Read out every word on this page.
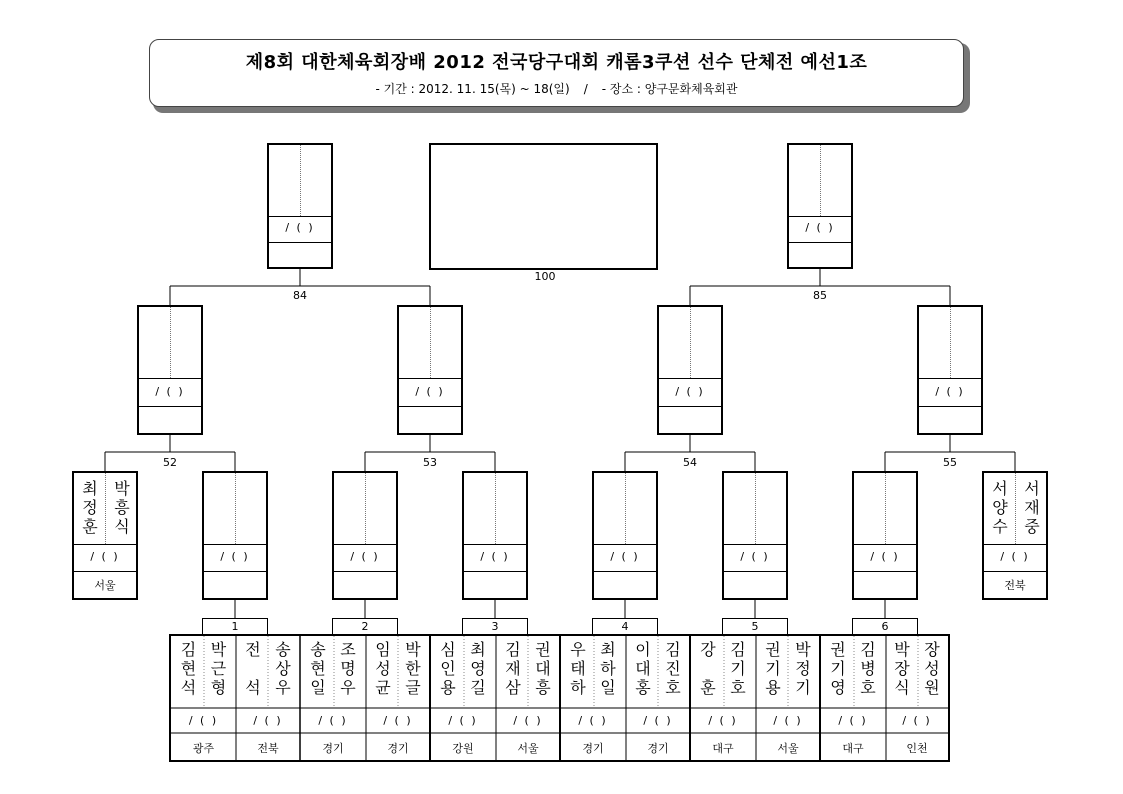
제8회 대한체육회장배 2012 전국당구대회 캐롬3쿠션 선수 단체전 예선1조
- 기간 : 2012. 11. 15(목) ~ 18(일) / - 장소 : 양구문화체육회관
100
/ ( )	/ ( )
84	85
/ ( )	/ ( )	/ ( )	/ ( )
52	53	54	55
최
정
훈
박
흥
식
/ ( )
서울
서
양
수
서
재
중
/ ( )
전북
/ ( )	/ ( )	/ ( )	/ ( )	/ ( )	/ ( )
1	2	3	4	5	6
김
현
석
박
근
형
/ ( )
광주
전

석
송
상
우
/ ( )
전북
송
현
일
조
명
우
/ ( )
경기
임
성
균
박
한
글
/ ( )
경기
심
인
용
최
영
길
/ ( )
강원
김
재
삼
권
대
흥
/ ( )
서울
우
태
하
최
하
일
/ ( )
경기
이
대
홍
김
진
호
/ ( )
경기
강

훈
김
기
호
/ ( )
대구
권
기
용
박
정
기
/ ( )
서울
권
기
영
김
병
호
/ ( )
대구
박
장
식
장
성
원
/ ( )
인천
